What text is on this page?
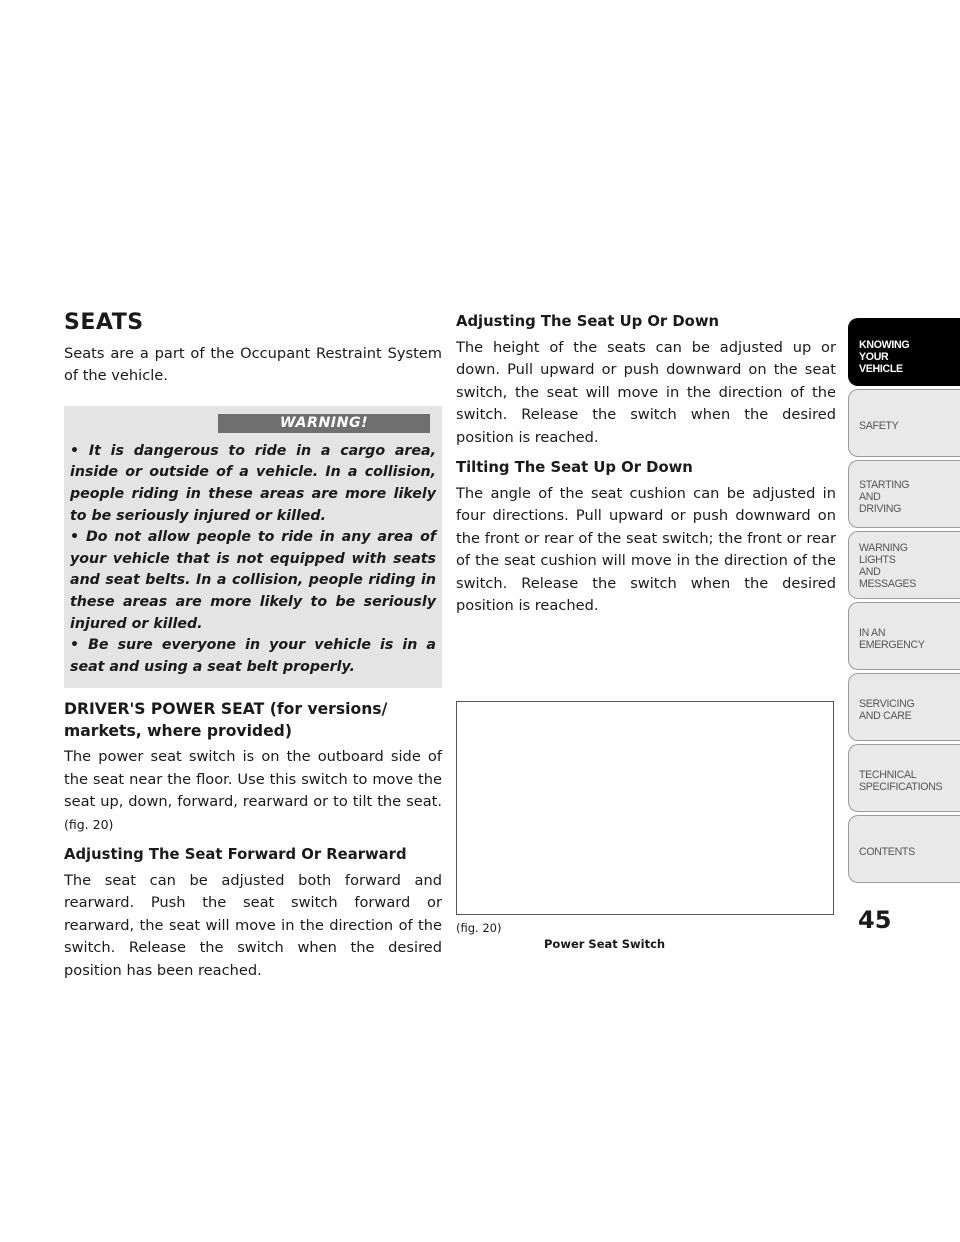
SEATS

Seats are a part of the Occupant Restraint System of the vehicle.

WARNING!

• It is dangerous to ride in a cargo area, inside or outside of a vehicle. In a collision, people riding in these areas are more likely to be seriously injured or killed.

• Do not allow people to ride in any area of your vehicle that is not equipped with seats and seat belts. In a collision, people riding in these areas are more likely to be seriously injured or killed.

• Be sure everyone in your vehicle is in a seat and using a seat belt properly.

DRIVER'S POWER SEAT (for versions/ markets, where provided)

The power seat switch is on the outboard side of the seat near the floor. Use this switch to move the seat up, down, forward, rearward or to tilt the seat. (fig. 20)

Adjusting The Seat Forward Or Rearward

The seat can be adjusted both forward and rearward. Push the seat switch forward or rearward, the seat will move in the direction of the switch. Release the switch when the desired position has been reached.

Adjusting The Seat Up Or Down

The height of the seats can be adjusted up or down. Pull upward or push downward on the seat switch, the seat will move in the direction of the switch. Release the switch when the desired position is reached.

Tilting The Seat Up Or Down

The angle of the seat cushion can be adjusted in four directions. Pull upward or push downward on the front or rear of the seat switch; the front or rear of the seat cushion will move in the direction of the switch. Release the switch when the desired position is reached.

(fig. 20)
Power Seat Switch
KNOWING
YOUR
VEHICLE
SAFETY
STARTING
AND
DRIVING
WARNING
LIGHTS
AND
MESSAGES
IN AN
EMERGENCY
SERVICING
AND CARE
TECHNICAL
SPECIFICATIONS
CONTENTS
45
